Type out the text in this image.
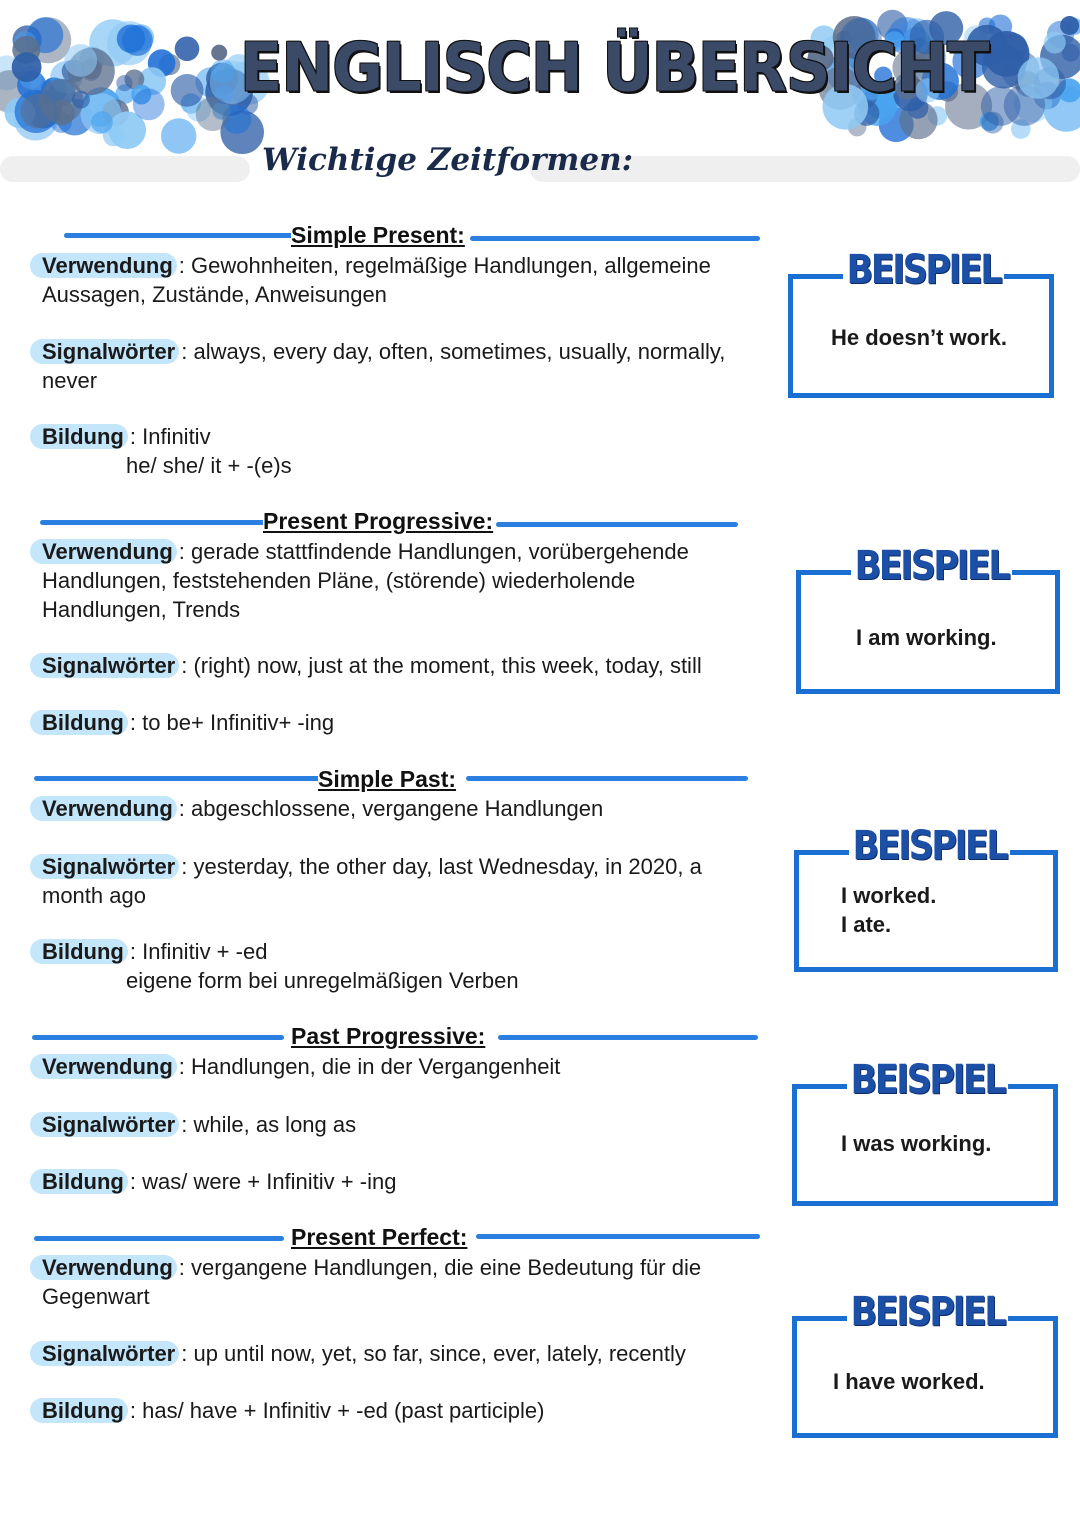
ENGLISCH ÜBERSICHT
Wichtige Zeitformen:
Simple Present:
Verwendung : Gewohnheiten, regelmäßige Handlungen, allgemeine
Aussagen, Zustände, Anweisungen
Signalwörter : always, every day, often, sometimes, usually, normally,
never
Bildung : Infinitiv
he/ she/ it + -(e)s
BEISPIEL
He doesn’t work.
Present Progressive:
Verwendung : gerade stattfindende Handlungen, vorübergehende
Handlungen, feststehenden Pläne, (störende) wiederholende
Handlungen, Trends
Signalwörter : (right) now, just at the moment, this week, today, still
Bildung : to be+ Infinitiv+ -ing
BEISPIEL
I am working.
Simple Past:
Verwendung : abgeschlossene, vergangene Handlungen
Signalwörter : yesterday, the other day, last Wednesday, in 2020, a
month ago
Bildung : Infinitiv + -ed
eigene form bei unregelmäßigen Verben
BEISPIEL
I worked.
I ate.
Past Progressive:
Verwendung : Handlungen, die in der Vergangenheit
Signalwörter : while, as long as
Bildung : was/ were + Infinitiv + -ing
BEISPIEL
I was working.
Present Perfect:
Verwendung : vergangene Handlungen, die eine Bedeutung für die
Gegenwart
Signalwörter : up until now, yet, so far, since, ever, lately, recently
Bildung : has/ have + Infinitiv + -ed (past participle)
BEISPIEL
I have worked.
